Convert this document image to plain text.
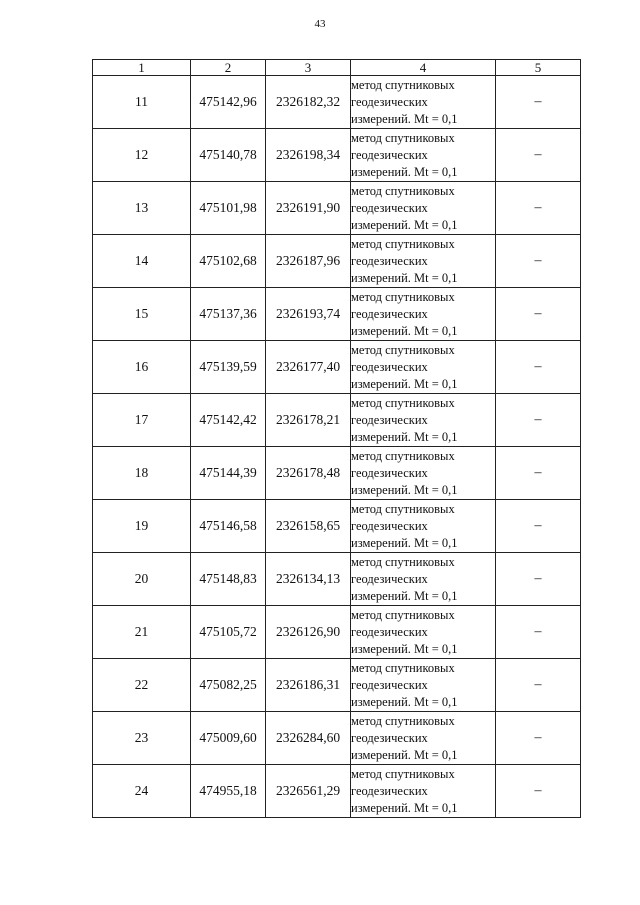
43
1	2	3	4	5
11	475142,96	2326182,32	метод спутниковых
геодезических
измерений. Mt = 0,1	–
12	475140,78	2326198,34	метод спутниковых
геодезических
измерений. Mt = 0,1	–
13	475101,98	2326191,90	метод спутниковых
геодезических
измерений. Mt = 0,1	–
14	475102,68	2326187,96	метод спутниковых
геодезических
измерений. Mt = 0,1	–
15	475137,36	2326193,74	метод спутниковых
геодезических
измерений. Mt = 0,1	–
16	475139,59	2326177,40	метод спутниковых
геодезических
измерений. Mt = 0,1	–
17	475142,42	2326178,21	метод спутниковых
геодезических
измерений. Mt = 0,1	–
18	475144,39	2326178,48	метод спутниковых
геодезических
измерений. Mt = 0,1	–
19	475146,58	2326158,65	метод спутниковых
геодезических
измерений. Mt = 0,1	–
20	475148,83	2326134,13	метод спутниковых
геодезических
измерений. Mt = 0,1	–
21	475105,72	2326126,90	метод спутниковых
геодезических
измерений. Mt = 0,1	–
22	475082,25	2326186,31	метод спутниковых
геодезических
измерений. Mt = 0,1	–
23	475009,60	2326284,60	метод спутниковых
геодезических
измерений. Mt = 0,1	–
24	474955,18	2326561,29	метод спутниковых
геодезических
измерений. Mt = 0,1	–
